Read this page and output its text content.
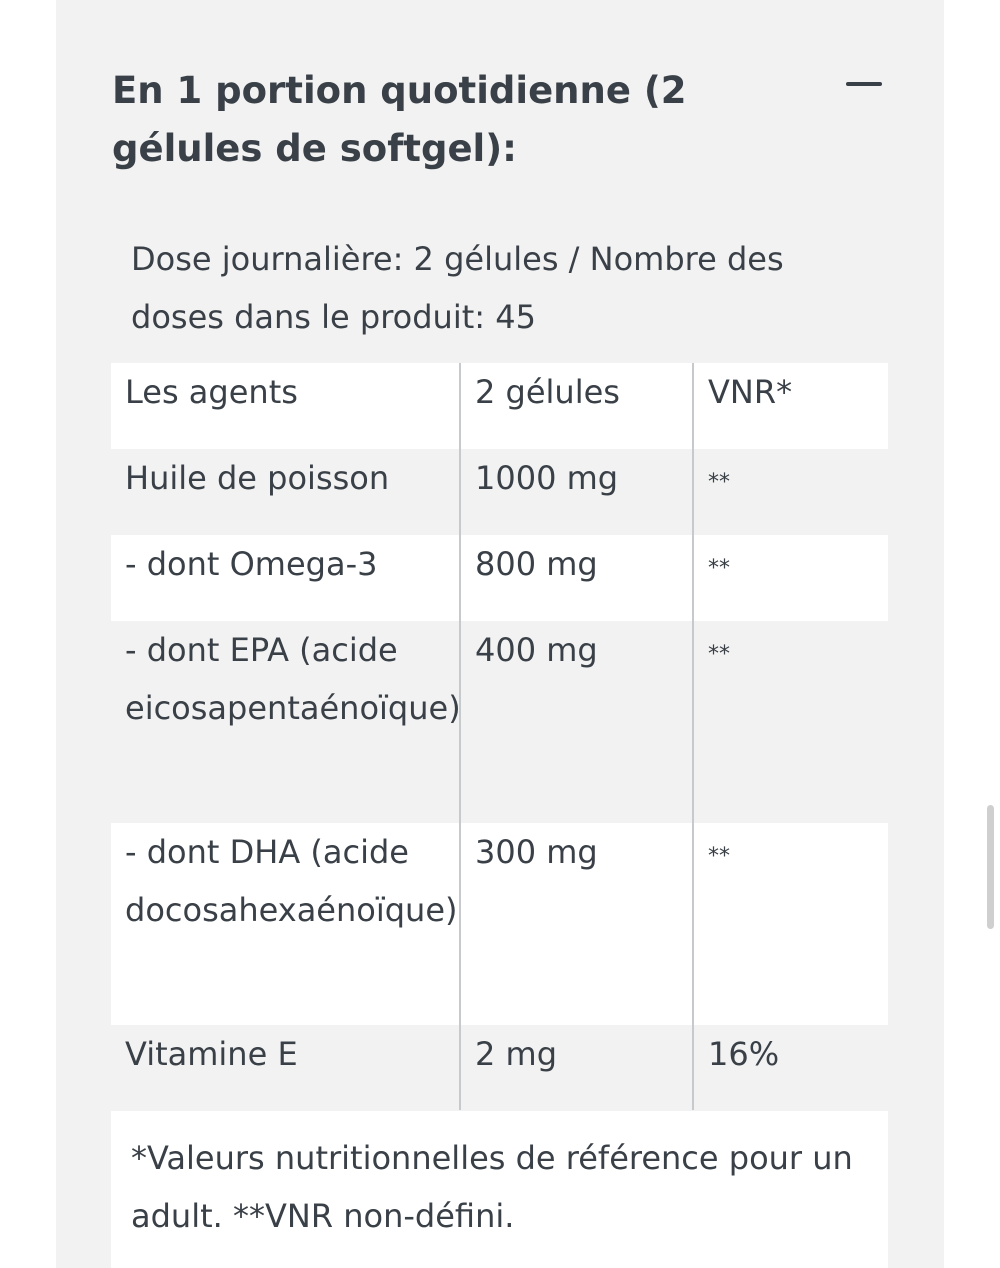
En 1 portion quotidienne (2 gélules de softgel):
Dose journalière: 2 gélules / Nombre des doses dans le produit: 45
Les agents	2 gélules	VNR*
Huile de poisson	1000 mg	**
- dont Omega-3	800 mg	**
- dont EPA (acide eicosapentaénoïque)	400 mg	**
- dont DHA (acide docosahexaénoïque)	300 mg	**
Vitamine E	2 mg	16%
*Valeurs nutritionnelles de référence pour un adult. **VNR non-défini.
